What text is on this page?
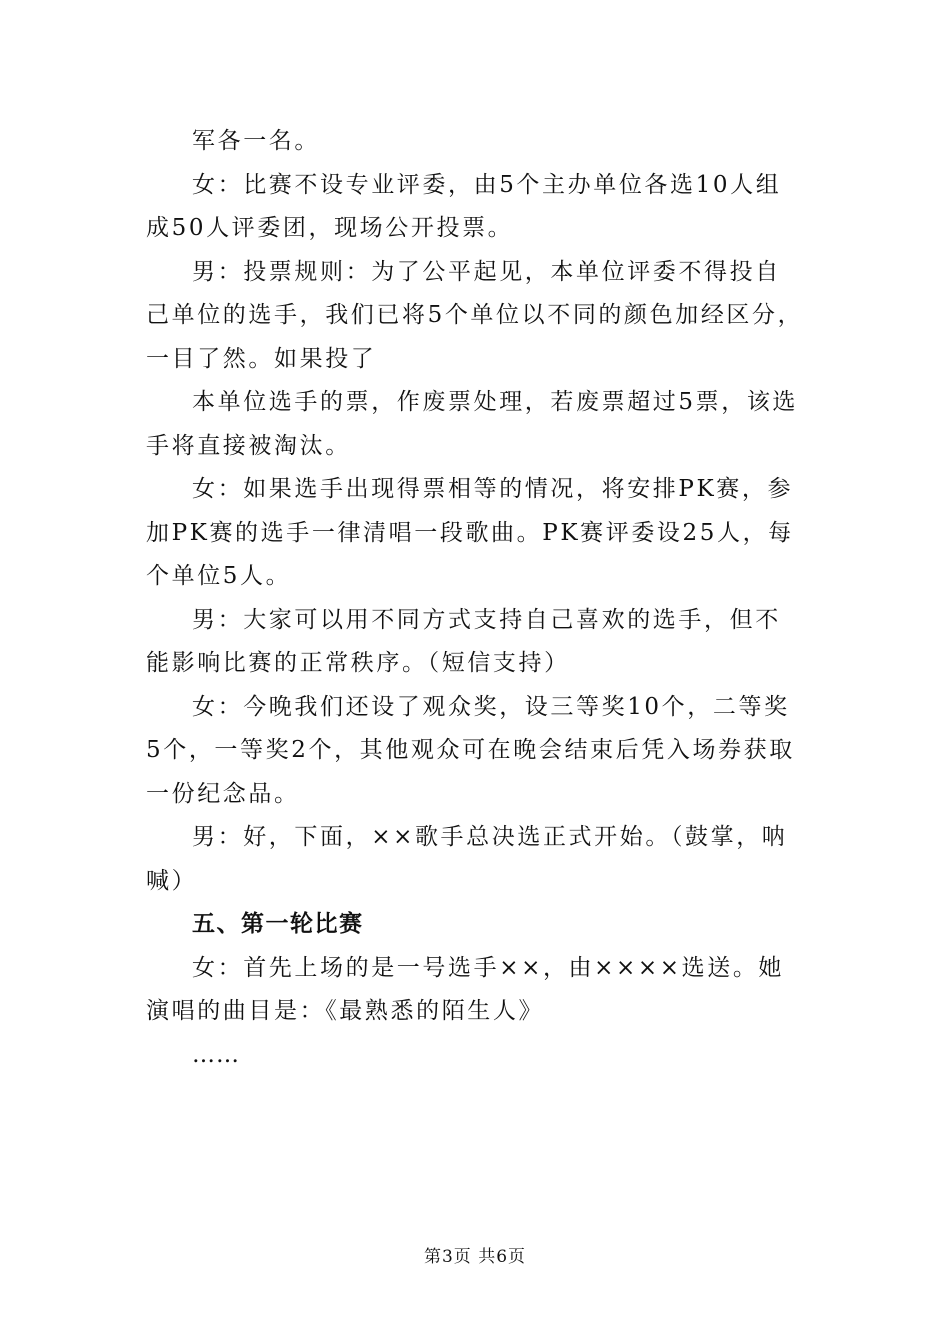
军各一名。

女：比赛不设专业评委，由5个主办单位各选10人组成50人评委团，现场公开投票。

男：投票规则：为了公平起见，本单位评委不得投自己单位的选手，我们已将5个单位以不同的颜色加经区分，一目了然。如果投了

本单位选手的票，作废票处理，若废票超过5票，该选手将直接被淘汰。

女：如果选手出现得票相等的情况，将安排PK赛，参加PK赛的选手一律清唱一段歌曲。PK赛评委设25人，每个单位5人。

男：大家可以用不同方式支持自己喜欢的选手，但不能影响比赛的正常秩序。（短信支持）

女：今晚我们还设了观众奖，设三等奖10个，二等奖5个，一等奖2个，其他观众可在晚会结束后凭入场券获取一份纪念品。

男：好，下面，××歌手总决选正式开始。（鼓掌，呐喊）

五、第一轮比赛

女：首先上场的是一号选手××，由××××选送。她演唱的曲目是：《最熟悉的陌生人》

……

第3页 共6页
